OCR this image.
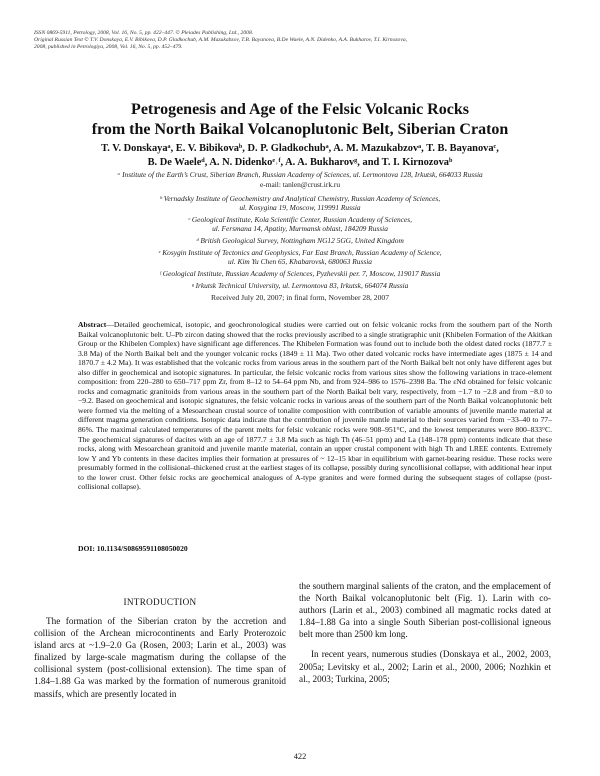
ISSN 0869-5911, Petrology, 2008, Vol. 16, No. 5, pp. 422–447. © Pleiades Publishing, Ltd., 2008.
Original Russian Text © T.V. Donskaya, E.V. Bibikova, D.P. Gladkochub, A.M. Mazukabzov, T.B. Bayanova, B.De Waele, A.N. Didenko, A.A. Bukharov, T.I. Kirnozova,
2008, published in Petrologiya, 2008, Vol. 16, No. 5, pp. 452–479.
Petrogenesis and Age of the Felsic Volcanic Rocks
from the North Baikal Volcanoplutonic Belt, Siberian Craton
T. V. Donskayaᵃ, E. V. Bibikovaᵇ, D. P. Gladkochubᵃ, A. M. Mazukabzovᵃ, T. B. Bayanovaᶜ,
B. De Waeleᵈ, A. N. Didenkoᵉ˒ᶠ, A. A. Bukharovᵍ, and T. I. Kirnozovaᵇ
ᵃ Institute of the Earth’s Crust, Siberian Branch, Russian Academy of Sciences, ul. Lermontova 128, Irkutsk, 664033 Russia
e-mail: tanlen@crust.irk.ru
ᵇ Vernadsky Institute of Geochemistry and Analytical Chemistry, Russian Academy of Sciences,
ul. Kosygina 19, Moscow, 119991 Russia
ᶜ Geological Institute, Kola Scientific Center, Russian Academy of Sciences,
ul. Fersmana 14, Apatity, Murmansk oblast, 184209 Russia
ᵈ British Geological Survey, Nottingham NG12 5GG, United Kingdom
ᵉ Kosygin Institute of Tectonics and Geophysics, Far East Branch, Russian Academy of Science,
ul. Kim Yu Chen 65, Khabarovsk, 680063 Russia
ᶠ Geological Institute, Russian Academy of Sciences, Pyzhevskii per. 7, Moscow, 119017 Russia
ᵍ Irkutsk Technical University, ul. Lermontova 83, Irkutsk, 664074 Russia
Received July 20, 2007; in final form, November 28, 2007
Abstract—Detailed geochemical, isotopic, and geochronological studies were carried out on felsic volcanic rocks from the southern part of the North Baikal volcanoplutonic belt. U–Pb zircon dating showed that the rocks previously ascribed to a single stratigraphic unit (Khibelen Formation of the Akitkan Group or the Khibelen Complex) have significant age differences. The Khibelen Formation was found out to include both the oldest dated rocks (1877.7 ± 3.8 Ma) of the North Baikal belt and the younger volcanic rocks (1849 ± 11 Ma). Two other dated volcanic rocks have intermediate ages (1875 ± 14 and 1870.7 ± 4.2 Ma). It was established that the volcanic rocks from various areas in the southern part of the North Baikal belt not only have different ages but also differ in geochemical and isotopic signatures. In particular, the felsic volcanic rocks from various sites show the following variations in trace-element composition: from 220–280 to 650–717 ppm Zr, from 8–12 to 54–64 ppm Nb, and from 924–986 to 1576–2398 Ba. The εNd obtained for felsic volcanic rocks and comagmatic granitoids from various areas in the southern part of the North Baikal belt vary, respectively, from −1.7 to −2.8 and from −8.0 to −9.2. Based on geochemical and isotopic signatures, the felsic volcanic rocks in various areas of the southern part of the North Baikal volcanoplutonic belt were formed via the melting of a Mesoarchean crustal source of tonalite composition with contribution of variable amounts of juvenile mantle material at different magma generation conditions. Isotopic data indicate that the contribution of juvenile mantle material to their sources varied from −33–40 to 77–86%. The maximal calculated temperatures of the parent melts for felsic volcanic rocks were 908–951°C, and the lowest temperatures were 800–833°C. The geochemical signatures of dacites with an age of 1877.7 ± 3.8 Ma such as high Th (46–51 ppm) and La (148–178 ppm) contents indicate that these rocks, along with Mesoarchean granitoid and juvenile mantle material, contain an upper crustal component with high Th and LREE contents. Extremely low Y and Yb contents in these dacites implies their formation at pressures of ~ 12–15 kbar in equilibrium with garnet-bearing residue. These rocks were presumably formed in the collisional–thickened crust at the earliest stages of its collapse, possibly during syncollisional collapse, with additional hear input to the lower crust. Other felsic rocks are geochemical analogues of A-type granites and were formed during the subsequent stages of collapse (post-collisional collapse).
DOI: 10.1134/S0869591108050020
INTRODUCTION

The formation of the Siberian craton by the accretion and collision of the Archean microcontinents and Early Proterozoic island arcs at ~1.9–2.0 Ga (Rosen, 2003; Larin et al., 2003) was finalized by large-scale magmatism during the collapse of the collisional system (post-collisional extension). The time span of 1.84–1.88 Ga was marked by the formation of numerous granitoid massifs, which are presently located in

the southern marginal salients of the craton, and the emplacement of the North Baikal volcanoplutonic belt (Fig. 1). Larin with co-authors (Larin et al., 2003) combined all magmatic rocks dated at 1.84–1.88 Ga into a single South Siberian post-collisional igneous belt more than 2500 km long.

In recent years, numerous studies (Donskaya et al., 2002, 2003, 2005a; Levitsky et al., 2002; Larin et al., 2000, 2006; Nozhkin et al., 2003; Turkina, 2005;

422
